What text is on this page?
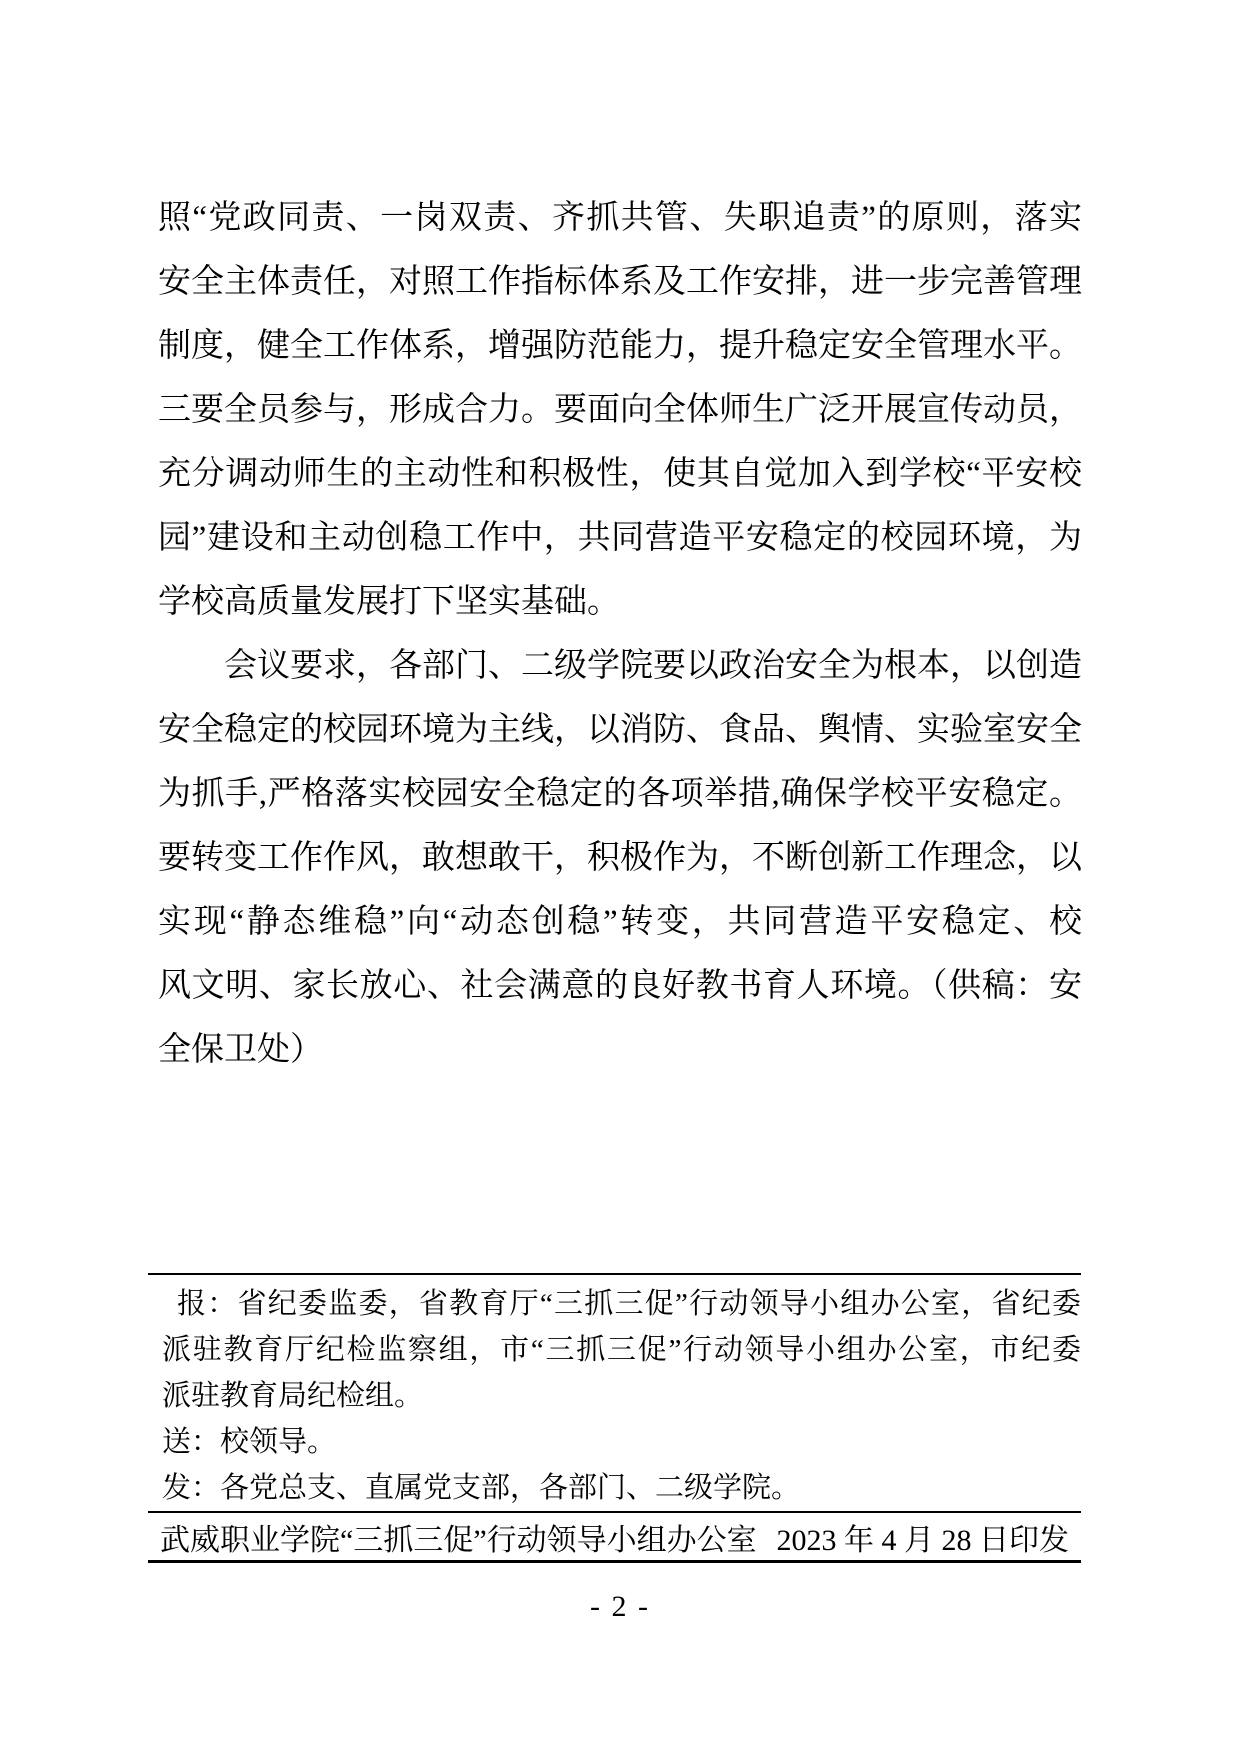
照“党政同责、一岗双责、齐抓共管、失职追责”的原则，落实
安全主体责任，对照工作指标体系及工作安排，进一步完善管理
制度，健全工作体系，增强防范能力，提升稳定安全管理水平。
三要全员参与，形成合力。要面向全体师生广泛开展宣传动员，
充分调动师生的主动性和积极性，使其自觉加入到学校“平安校
园”建设和主动创稳工作中，共同营造平安稳定的校园环境，为
学校高质量发展打下坚实基础。
会议要求，各部门、二级学院要以政治安全为根本，以创造
安全稳定的校园环境为主线，以消防、食品、舆情、实验室安全
为抓手,严格落实校园安全稳定的各项举措,确保学校平安稳定。
要转变工作作风，敢想敢干，积极作为，不断创新工作理念，以
实现“静态维稳”向“动态创稳”转变，共同营造平安稳定、校
风文明、家长放心、社会满意的良好教书育人环境。（供稿：安
全保卫处）
报：省纪委监委，省教育厅“三抓三促”行动领导小组办公室，省纪委
派驻教育厅纪检监察组，市“三抓三促”行动领导小组办公室，市纪委
派驻教育局纪检组。
送：校领导。
发：各党总支、直属党支部，各部门、二级学院。
武威职业学院“三抓三促”行动领导小组办公室 2023 年 4 月 28 日印发
- 2 -
